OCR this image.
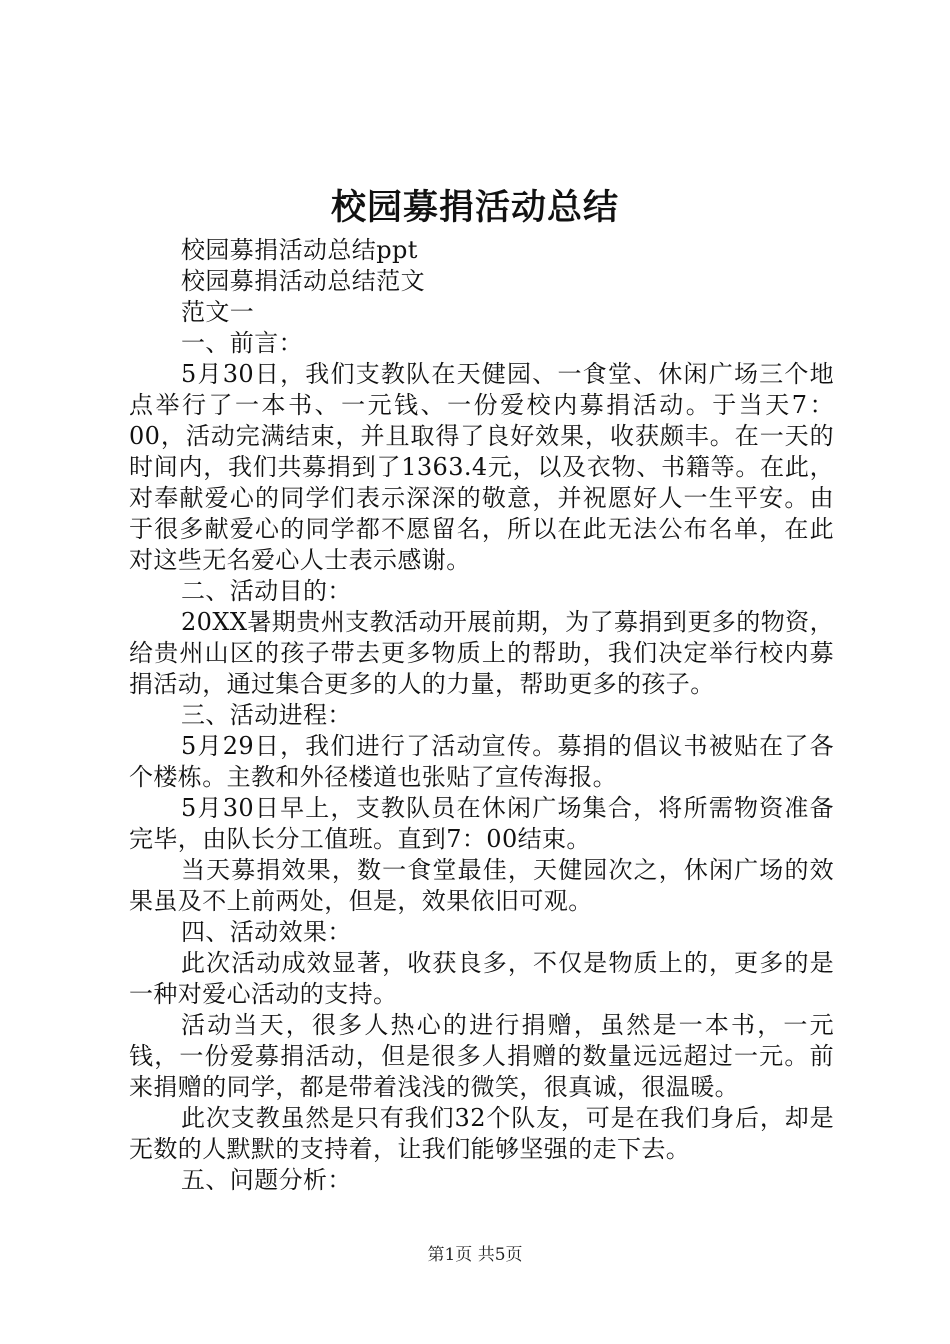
校园募捐活动总结

校园募捐活动总结ppt

校园募捐活动总结范文

范文一

一、前言：

5月30日，我们支教队在天健园、一食堂、休闲广场三个地点举行了一本书、一元钱、一份爱校内募捐活动。于当天7：00，活动完满结束，并且取得了良好效果，收获颇丰。在一天的时间内，我们共募捐到了1363.4元，以及衣物、书籍等。在此，对奉献爱心的同学们表示深深的敬意，并祝愿好人一生平安。由于很多献爱心的同学都不愿留名，所以在此无法公布名单，在此对这些无名爱心人士表示感谢。

二、活动目的：

20XX暑期贵州支教活动开展前期，为了募捐到更多的物资，给贵州山区的孩子带去更多物质上的帮助，我们决定举行校内募捐活动，通过集合更多的人的力量，帮助更多的孩子。

三、活动进程：

5月29日，我们进行了活动宣传。募捐的倡议书被贴在了各个楼栋。主教和外径楼道也张贴了宣传海报。

5月30日早上，支教队员在休闲广场集合，将所需物资准备完毕，由队长分工值班。直到7：00结束。

当天募捐效果，数一食堂最佳，天健园次之，休闲广场的效果虽及不上前两处，但是，效果依旧可观。

四、活动效果：

此次活动成效显著，收获良多，不仅是物质上的，更多的是一种对爱心活动的支持。

活动当天，很多人热心的进行捐赠，虽然是一本书，一元钱，一份爱募捐活动，但是很多人捐赠的数量远远超过一元。前来捐赠的同学，都是带着浅浅的微笑，很真诚，很温暖。

此次支教虽然是只有我们32个队友，可是在我们身后，却是无数的人默默的支持着，让我们能够坚强的走下去。

五、问题分析：

第1页 共5页
